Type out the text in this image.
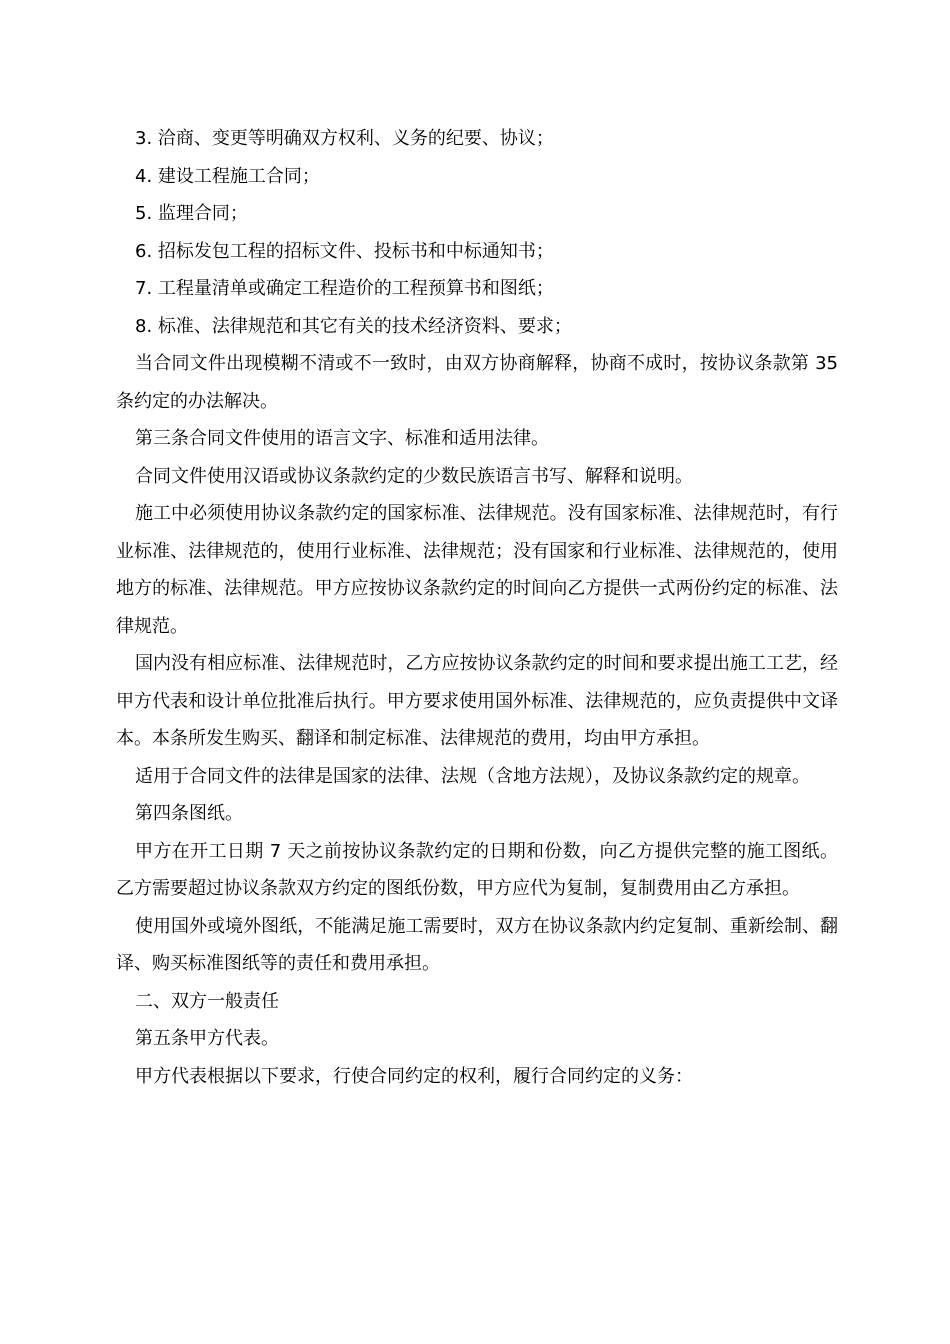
3. 洽商、变更等明确双方权利、义务的纪要、协议；

4. 建设工程施工合同；

5. 监理合同；

6. 招标发包工程的招标文件、投标书和中标通知书；

7. 工程量清单或确定工程造价的工程预算书和图纸；

8. 标准、法律规范和其它有关的技术经济资料、要求；

当合同文件出现模糊不清或不一致时，由双方协商解释，协商不成时，按协议条款第 35 条约定的办法解决。

第三条合同文件使用的语言文字、标准和适用法律。

合同文件使用汉语或协议条款约定的少数民族语言书写、解释和说明。

施工中必须使用协议条款约定的国家标准、法律规范。没有国家标准、法律规范时，有行业标准、法律规范的，使用行业标准、法律规范；没有国家和行业标准、法律规范的，使用地方的标准、法律规范。甲方应按协议条款约定的时间向乙方提供一式两份约定的标准、法律规范。

国内没有相应标准、法律规范时，乙方应按协议条款约定的时间和要求提出施工工艺，经甲方代表和设计单位批准后执行。甲方要求使用国外标准、法律规范的，应负责提供中文译本。本条所发生购买、翻译和制定标准、法律规范的费用，均由甲方承担。

适用于合同文件的法律是国家的法律、法规（含地方法规），及协议条款约定的规章。

第四条图纸。

甲方在开工日期 7 天之前按协议条款约定的日期和份数，向乙方提供完整的施工图纸。乙方需要超过协议条款双方约定的图纸份数，甲方应代为复制，复制费用由乙方承担。

使用国外或境外图纸，不能满足施工需要时，双方在协议条款内约定复制、重新绘制、翻译、购买标准图纸等的责任和费用承担。

二、双方一般责任

第五条甲方代表。

甲方代表根据以下要求，行使合同约定的权利，履行合同约定的义务：
